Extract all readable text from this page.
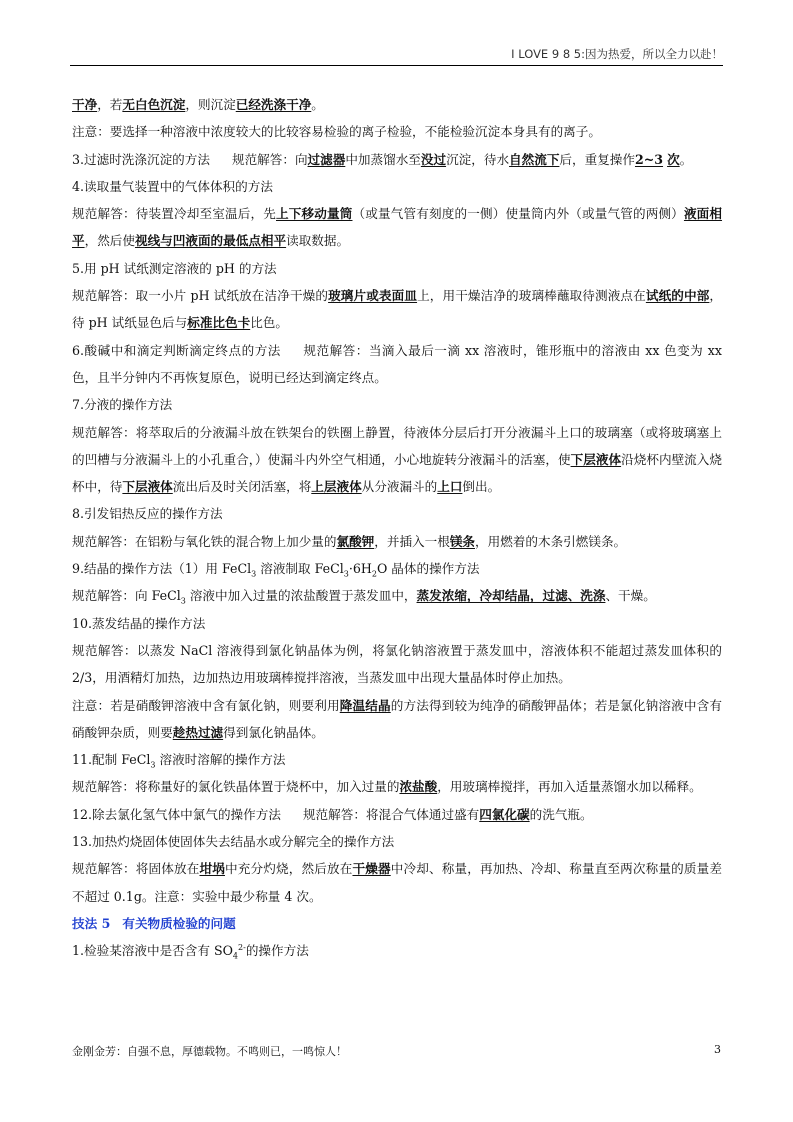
I LOVE 9 8 5:因为热爱，所以全力以赴！

干净，若无白色沉淀，则沉淀已经洗涤干净。

注意：要选择一种溶液中浓度较大的比较容易检验的离子检验，不能检验沉淀本身具有的离子。

3.过滤时洗涤沉淀的方法 规范解答：向过滤器中加蒸馏水至没过沉淀，待水自然流下后，重复操作2~3 次。

4.读取量气装置中的气体体积的方法

规范解答：待装置冷却至室温后，先上下移动量筒（或量气管有刻度的一侧）使量筒内外（或量气管的两侧）液面相平，然后使视线与凹液面的最低点相平读取数据。

5.用 pH 试纸测定溶液的 pH 的方法

规范解答：取一小片 pH 试纸放在洁净干燥的玻璃片或表面皿上，用干燥洁净的玻璃棒蘸取待测液点在试纸的中部，待 pH 试纸显色后与标准比色卡比色。

6.酸碱中和滴定判断滴定终点的方法 规范解答：当滴入最后一滴 xx 溶液时，锥形瓶中的溶液由 xx 色变为 xx 色，且半分钟内不再恢复原色，说明已经达到滴定终点。

7.分液的操作方法

规范解答：将萃取后的分液漏斗放在铁架台的铁圈上静置，待液体分层后打开分液漏斗上口的玻璃塞（或将玻璃塞上的凹槽与分液漏斗上的小孔重合，）使漏斗内外空气相通，小心地旋转分液漏斗的活塞，使下层液体沿烧杯内壁流入烧杯中，待下层液体流出后及时关闭活塞，将上层液体从分液漏斗的上口倒出。

8.引发铝热反应的操作方法

规范解答：在铝粉与氧化铁的混合物上加少量的氯酸钾，并插入一根镁条，用燃着的木条引燃镁条。

9.结晶的操作方法（1）用 FeCl$_3$ 溶液制取 $FeCl_3\cdot 6H_2O$ 晶体的操作方法

规范解答：向 FeCl$_3$ 溶液中加入过量的浓盐酸置于蒸发皿中，蒸发浓缩，冷却结晶，过滤、洗涤、干燥。

10.蒸发结晶的操作方法

规范解答：以蒸发 NaCl 溶液得到氯化钠晶体为例，将氯化钠溶液置于蒸发皿中，溶液体积不能超过蒸发皿体积的 2/3，用酒精灯加热，边加热边用玻璃棒搅拌溶液，当蒸发皿中出现大量晶体时停止加热。

注意：若是硝酸钾溶液中含有氯化钠，则要利用降温结晶的方法得到较为纯净的硝酸钾晶体；若是氯化钠溶液中含有硝酸钾杂质，则要趁热过滤得到氯化钠晶体。

11.配制 FeCl$_3$ 溶液时溶解的操作方法

规范解答：将称量好的氯化铁晶体置于烧杯中，加入过量的浓盐酸，用玻璃棒搅拌，再加入适量蒸馏水加以稀释。

12.除去氯化氢气体中氯气的操作方法 规范解答：将混合气体通过盛有四氯化碳的洗气瓶。

13.加热灼烧固体使固体失去结晶水或分解完全的操作方法

规范解答：将固体放在坩埚中充分灼烧，然后放在干燥器中冷却、称量，再加热、冷却、称量直至两次称量的质量差不超过 0.1g。注意：实验中最少称量 4 次。

技法 5 有关物质检验的问题

1.检验某溶液中是否含有 $SO_4^{2-}$的操作方法

金刚金芳：自强不息，厚德载物。不鸣则已，一鸣惊人！	3
